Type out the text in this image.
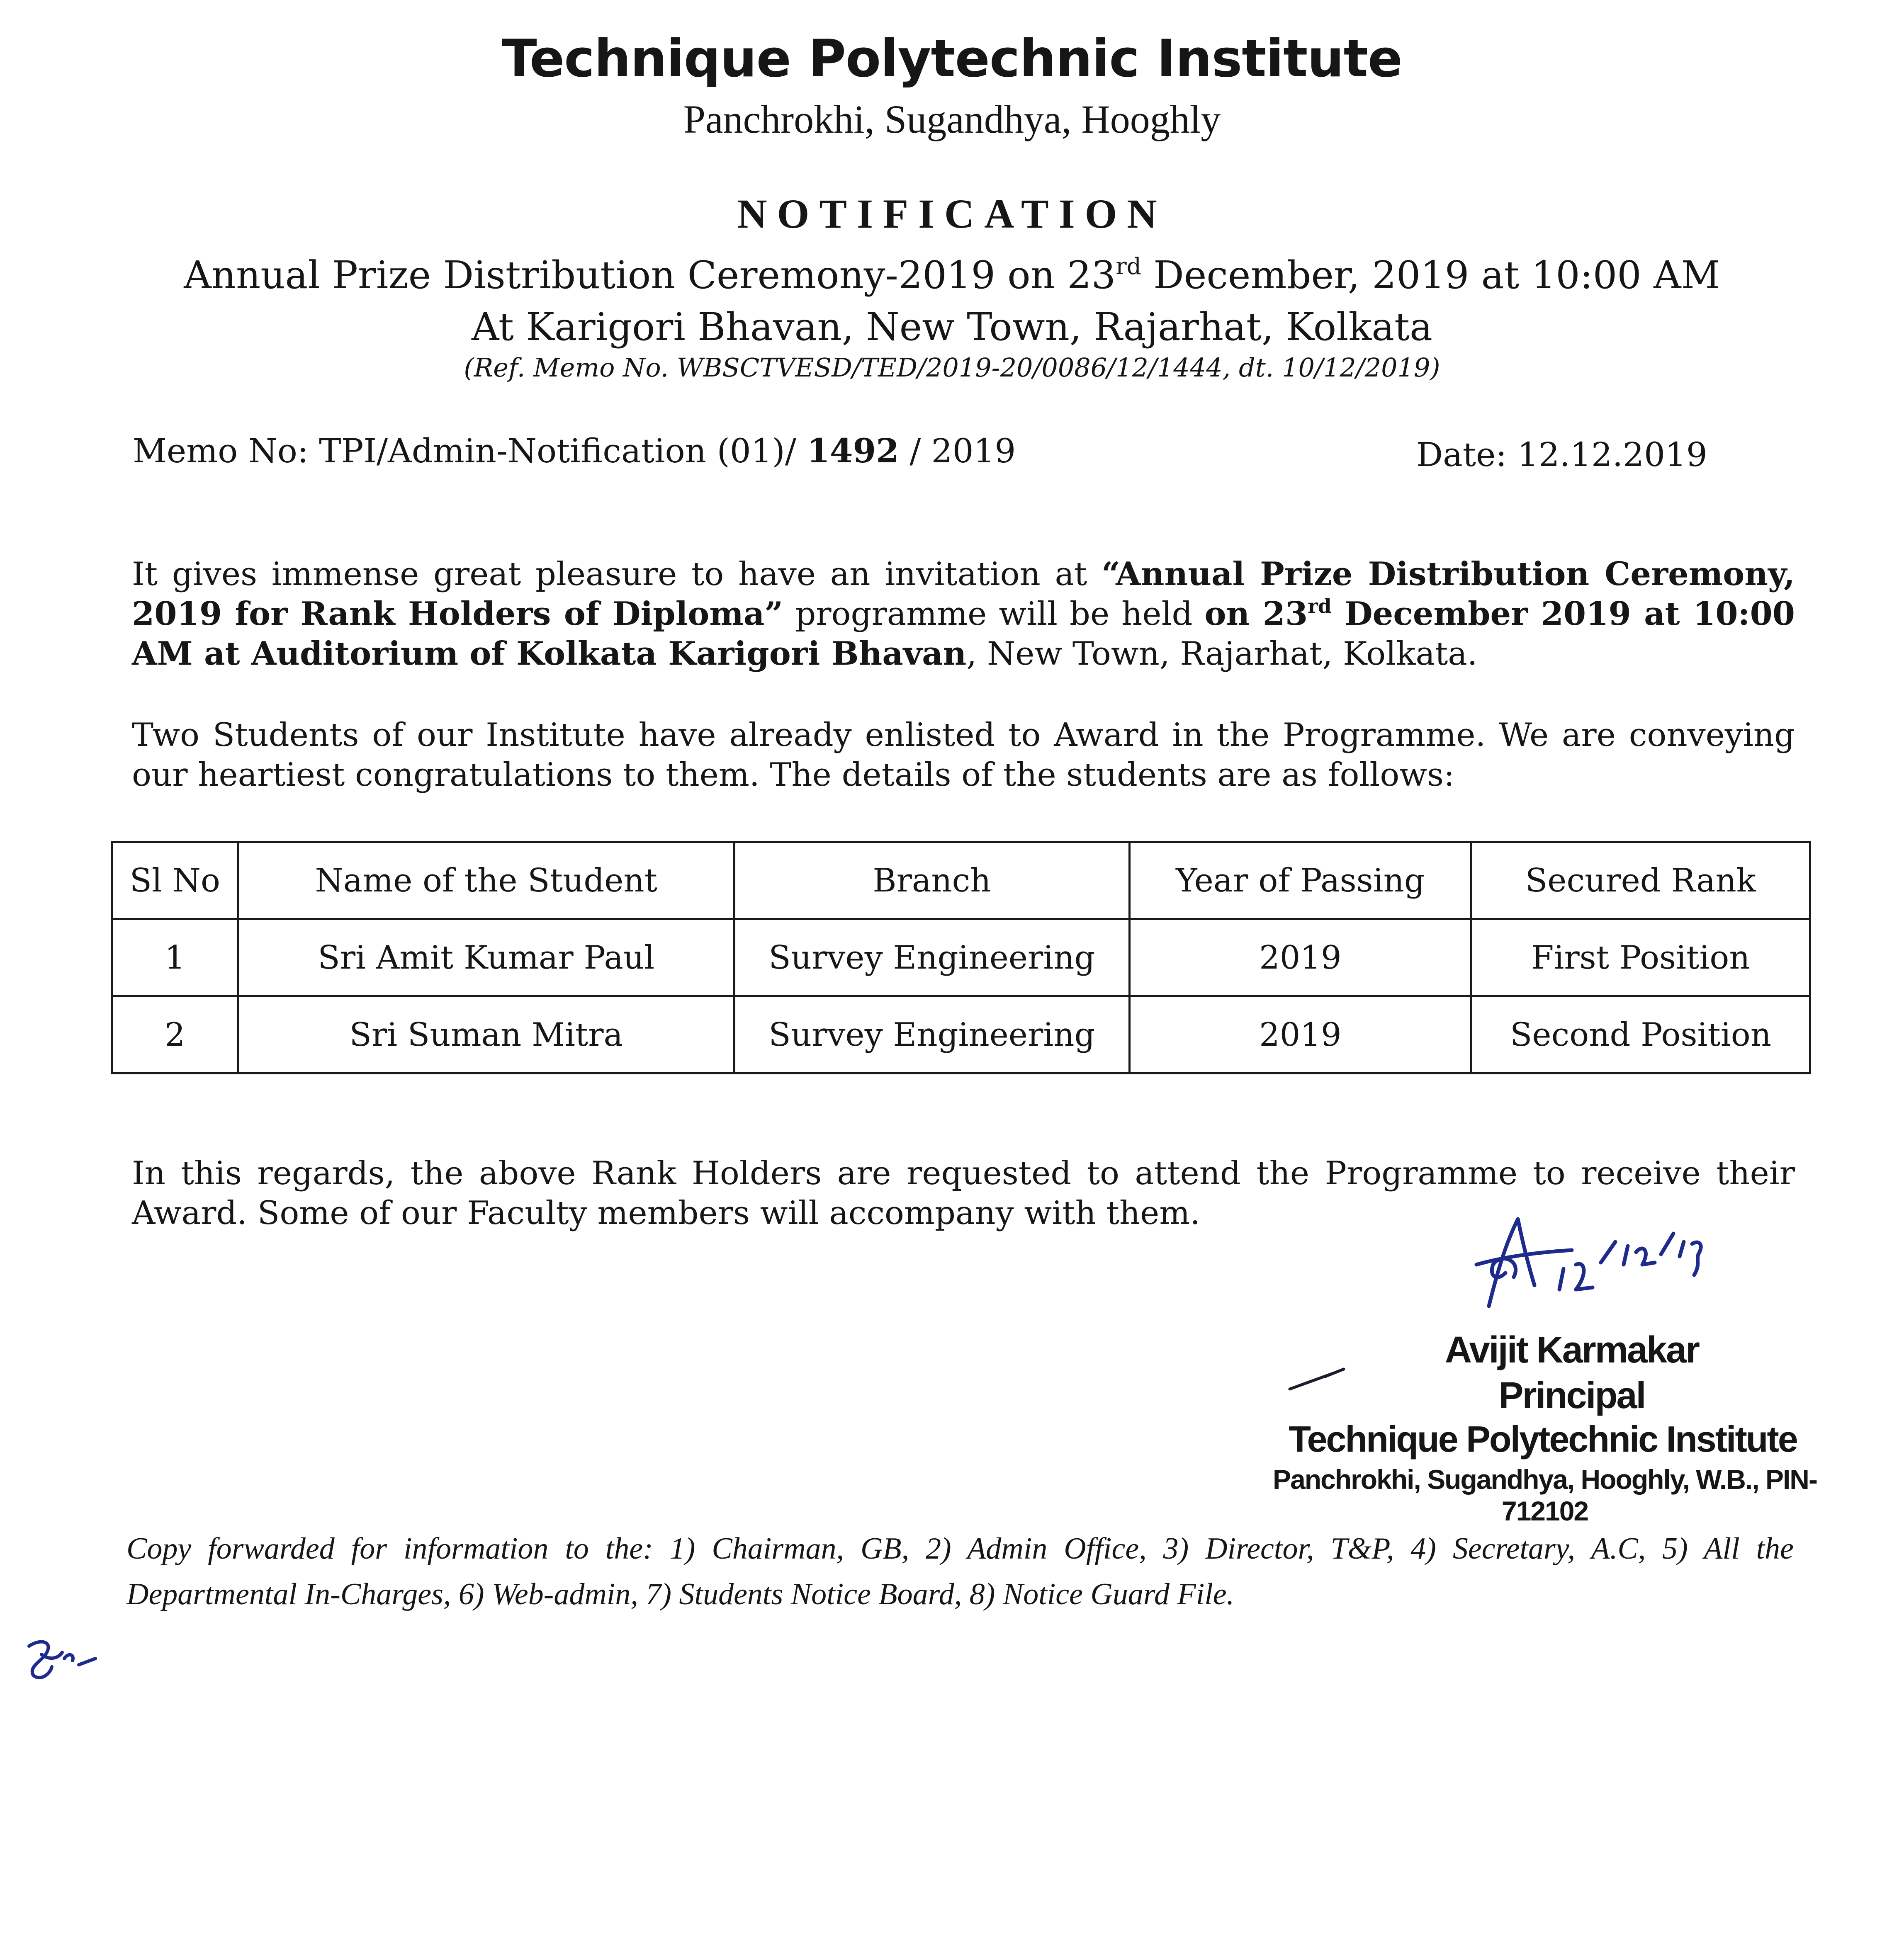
Technique Polytechnic Institute
Panchrokhi, Sugandhya, Hooghly
NOTIFICATION
Annual Prize Distribution Ceremony-2019 on 23rd December, 2019 at 10:00 AM
At Karigori Bhavan, New Town, Rajarhat, Kolkata
(Ref. Memo No. WBSCTVESD/TED/2019-20/0086/12/1444, dt. 10/12/2019)
Memo No: TPI/Admin-Notification (01)/ 1492 / 2019	Date: 12.12.2019
It gives immense great pleasure to have an invitation at “Annual Prize Distribution Ceremony, 2019 for Rank Holders of Diploma” programme will be held on 23rd December 2019 at 10:00 AM at Auditorium of Kolkata Karigori Bhavan, New Town, Rajarhat, Kolkata.
Two Students of our Institute have already enlisted to Award in the Programme. We are conveying our heartiest congratulations to them. The details of the students are as follows:
Sl No	Name of the Student	Branch	Year of Passing	Secured Rank
1	Sri Amit Kumar Paul	Survey Engineering	2019	First Position
2	Sri Suman Mitra	Survey Engineering	2019	Second Position
In this regards, the above Rank Holders are requested to attend the Programme to receive their Award. Some of our Faculty members will accompany with them.
Avijit Karmakar
Principal
Technique Polytechnic Institute
Panchrokhi, Sugandhya, Hooghly, W.B., PIN-712102
Copy forwarded for information to the: 1) Chairman, GB, 2) Admin Office, 3) Director, T&P, 4) Secretary, A.C, 5) All the Departmental In-Charges, 6) Web-admin, 7) Students Notice Board, 8) Notice Guard File.
